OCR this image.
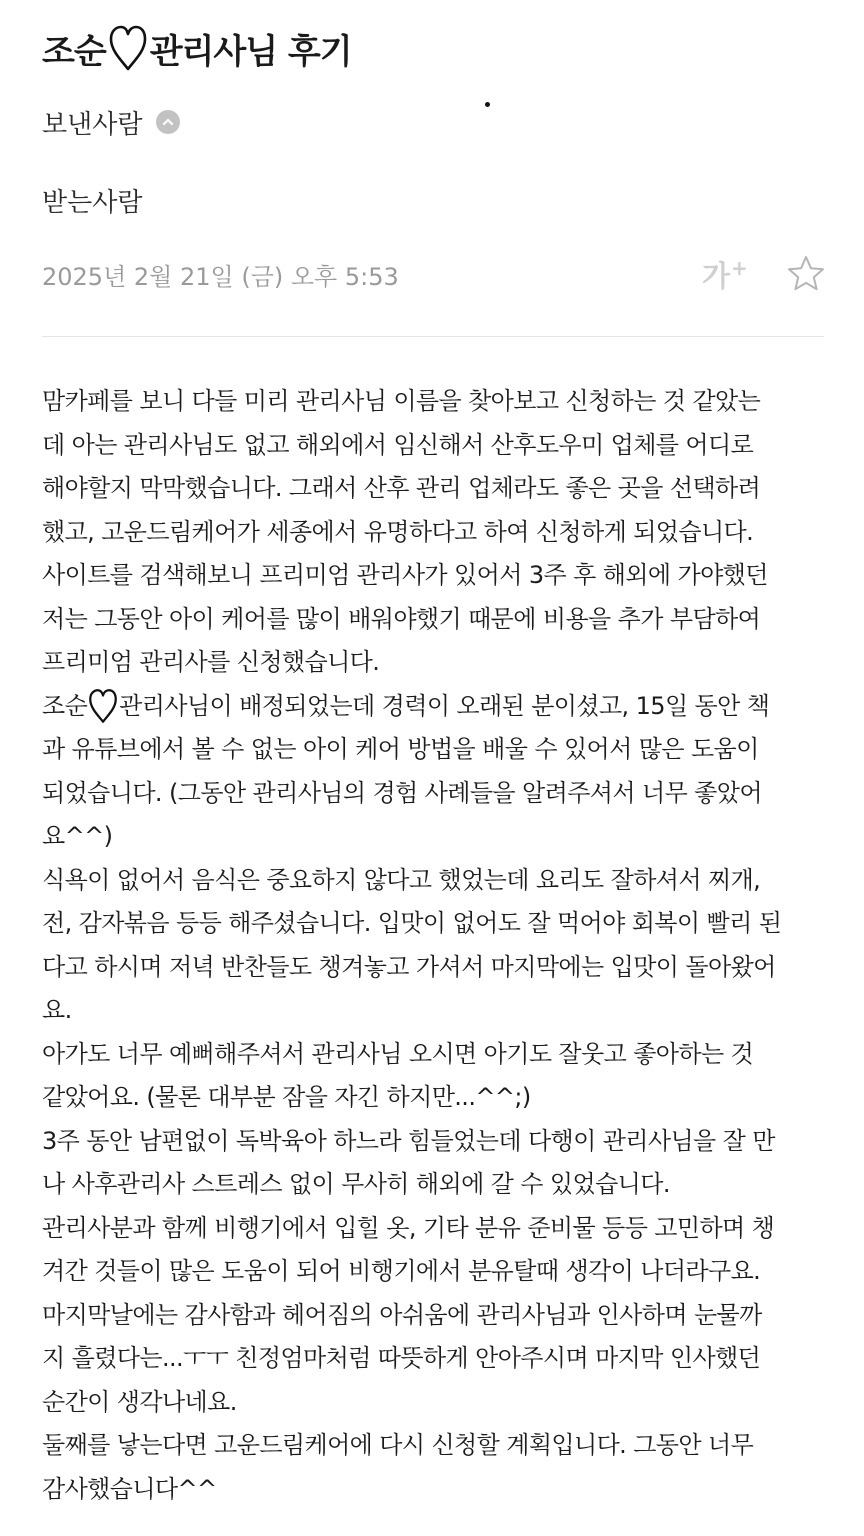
조순 관리사님 후기
보낸사람
받는사람
2025년 2월 21일 (금) 오후 5:53	가+
맘카페를 보니 다들 미리 관리사님 이름을 찾아보고 신청하는 것 같았는
데 아는 관리사님도 없고 해외에서 임신해서 산후도우미 업체를 어디로
해야할지 막막했습니다. 그래서 산후 관리 업체라도 좋은 곳을 선택하려
했고, 고운드림케어가 세종에서 유명하다고 하여 신청하게 되었습니다.
사이트를 검색해보니 프리미엄 관리사가 있어서 3주 후 해외에 가야했던
저는 그동안 아이 케어를 많이 배워야했기 때문에 비용을 추가 부담하여
프리미엄 관리사를 신청했습니다.
조순 관리사님이 배정되었는데 경력이 오래된 분이셨고, 15일 동안 책
과 유튜브에서 볼 수 없는 아이 케어 방법을 배울 수 있어서 많은 도움이
되었습니다. (그동안 관리사님의 경험 사례들을 알려주셔서 너무 좋았어
요^^)
식욕이 없어서 음식은 중요하지 않다고 했었는데 요리도 잘하셔서 찌개,
전, 감자볶음 등등 해주셨습니다. 입맛이 없어도 잘 먹어야 회복이 빨리 된
다고 하시며 저녁 반찬들도 챙겨놓고 가셔서 마지막에는 입맛이 돌아왔어
요.
아가도 너무 예뻐해주셔서 관리사님 오시면 아기도 잘웃고 좋아하는 것
같았어요. (물론 대부분 잠을 자긴 하지만...^^;)
3주 동안 남편없이 독박육아 하느라 힘들었는데 다행이 관리사님을 잘 만
나 사후관리사 스트레스 없이 무사히 해외에 갈 수 있었습니다.
관리사분과 함께 비행기에서 입힐 옷, 기타 분유 준비물 등등 고민하며 챙
겨간 것들이 많은 도움이 되어 비행기에서 분유탈때 생각이 나더라구요.
마지막날에는 감사함과 헤어짐의 아쉬움에 관리사님과 인사하며 눈물까
지 흘렸다는...ㅜㅜ 친정엄마처럼 따뜻하게 안아주시며 마지막 인사했던
순간이 생각나네요.
둘째를 낳는다면 고운드림케어에 다시 신청할 계획입니다. 그동안 너무
감사했습니다^^
